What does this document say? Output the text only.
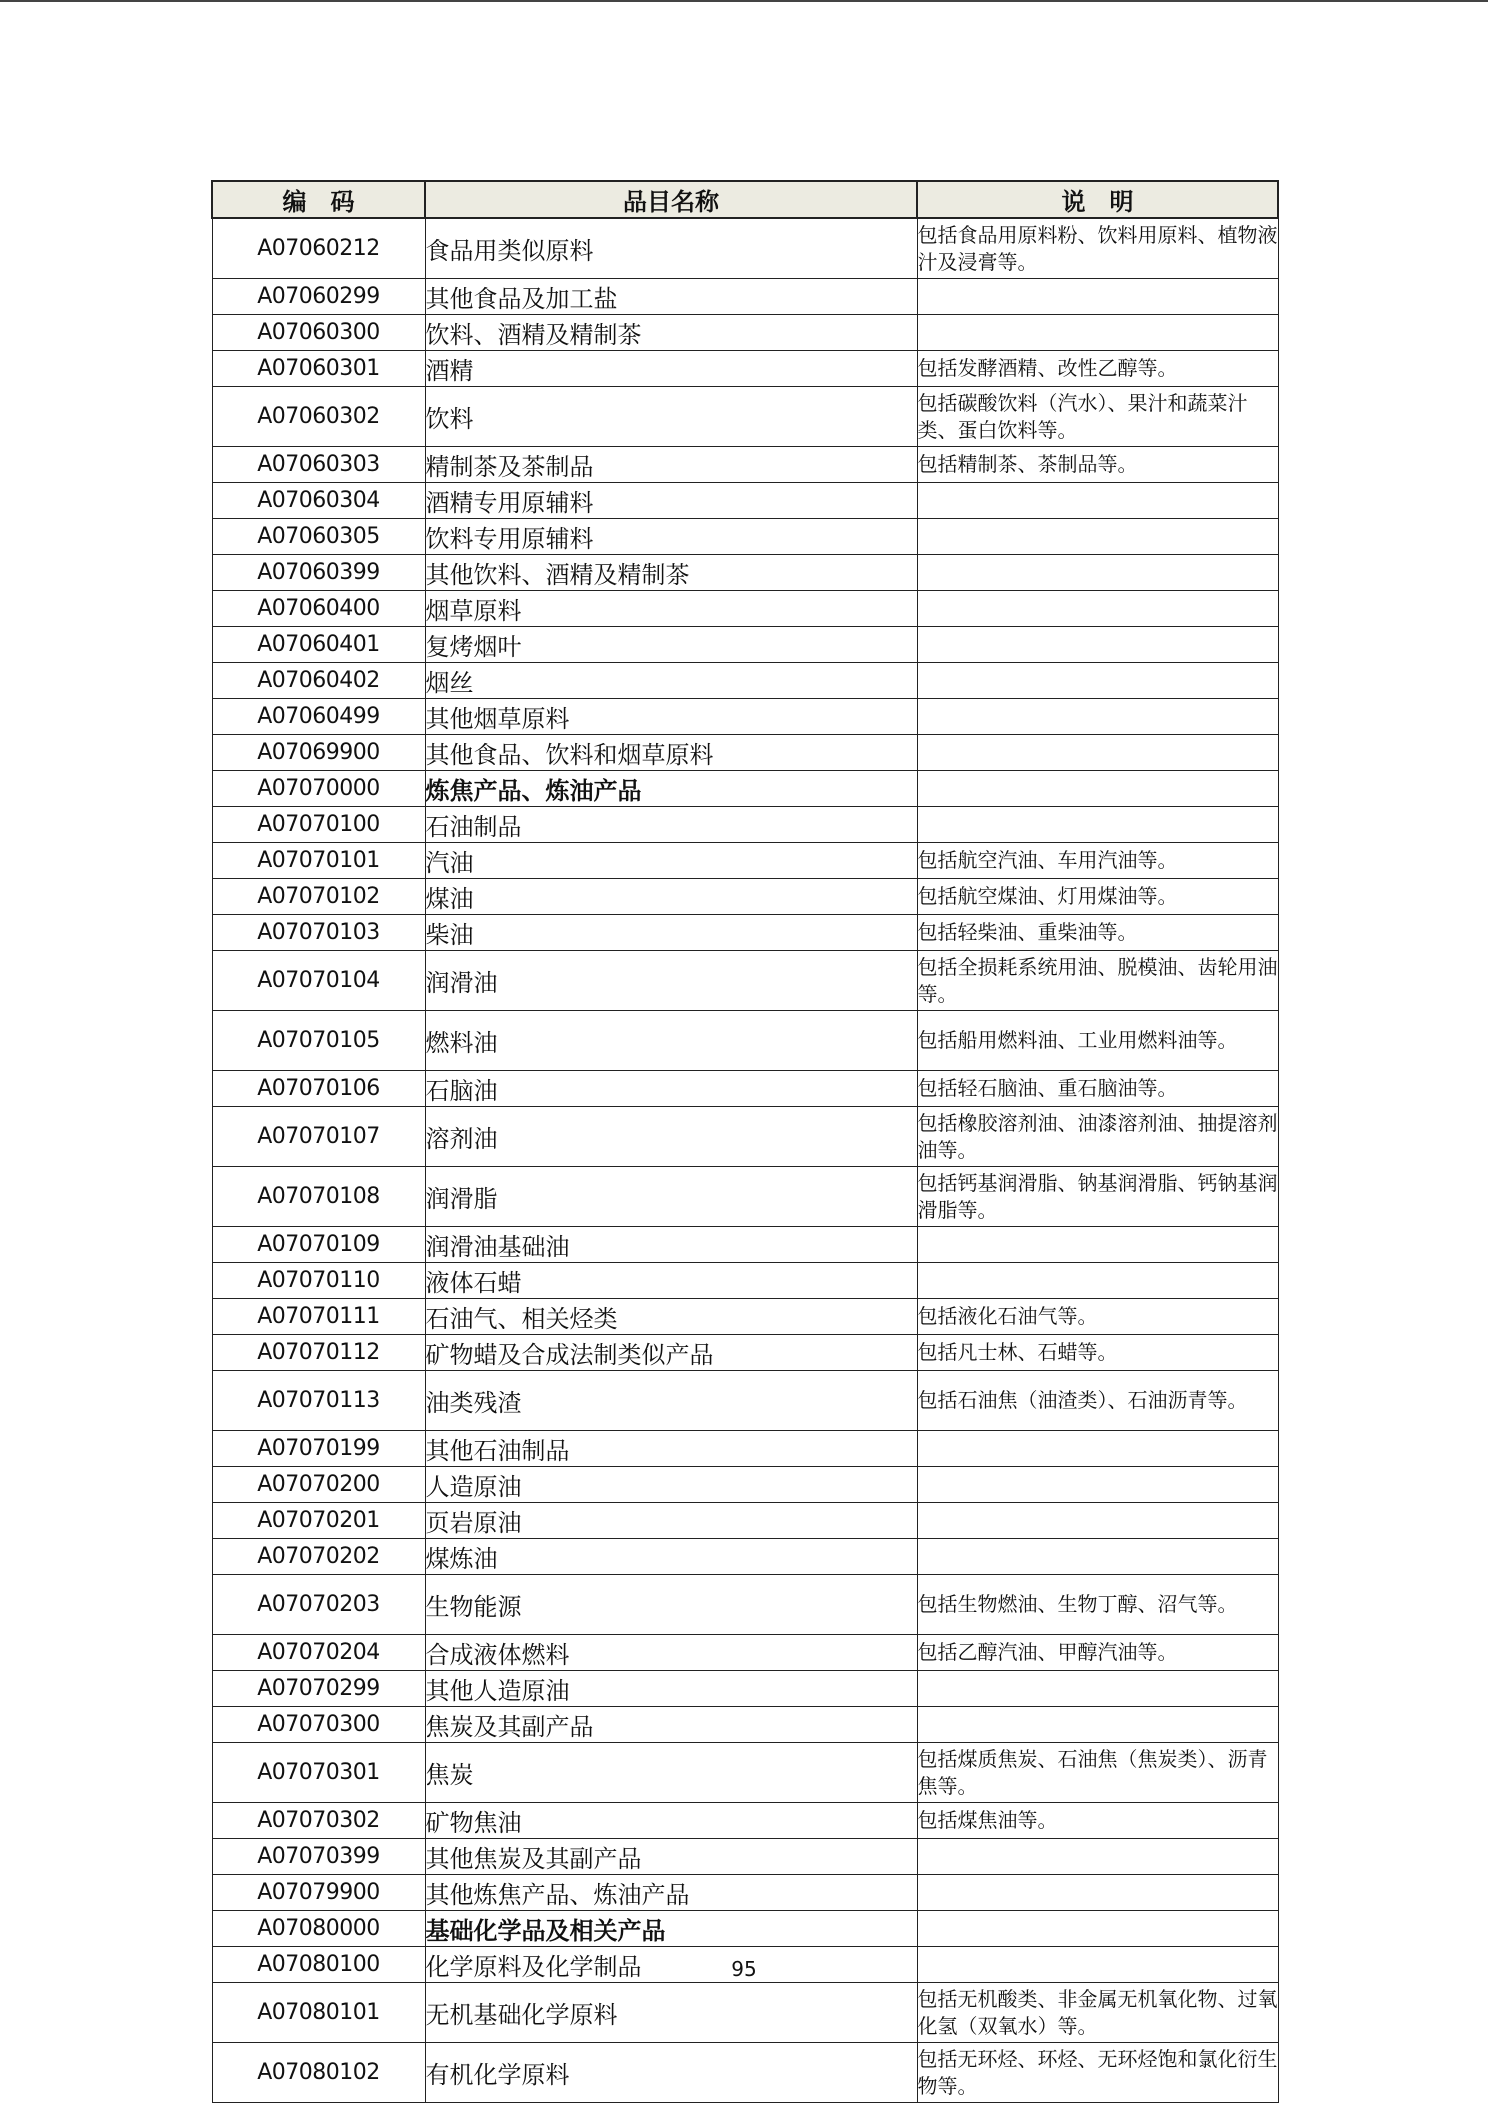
编　码	品目名称	说　明
A07060212	食品用类似原料	包括食品用原料粉、饮料用原料、植物液汁及浸膏等。
A07060299	其他食品及加工盐	
A07060300	饮料、酒精及精制茶	
A07060301	酒精	包括发酵酒精、改性乙醇等。
A07060302	饮料	包括碳酸饮料（汽水）、果汁和蔬菜汁类、蛋白饮料等。
A07060303	精制茶及茶制品	包括精制茶、茶制品等。
A07060304	酒精专用原辅料	
A07060305	饮料专用原辅料	
A07060399	其他饮料、酒精及精制茶	
A07060400	烟草原料	
A07060401	复烤烟叶	
A07060402	烟丝	
A07060499	其他烟草原料	
A07069900	其他食品、饮料和烟草原料	
A07070000	炼焦产品、炼油产品	
A07070100	石油制品	
A07070101	汽油	包括航空汽油、车用汽油等。
A07070102	煤油	包括航空煤油、灯用煤油等。
A07070103	柴油	包括轻柴油、重柴油等。
A07070104	润滑油	包括全损耗系统用油、脱模油、齿轮用油等。
A07070105	燃料油	包括船用燃料油、工业用燃料油等。
A07070106	石脑油	包括轻石脑油、重石脑油等。
A07070107	溶剂油	包括橡胶溶剂油、油漆溶剂油、抽提溶剂油等。
A07070108	润滑脂	包括钙基润滑脂、钠基润滑脂、钙钠基润滑脂等。
A07070109	润滑油基础油	
A07070110	液体石蜡	
A07070111	石油气、相关烃类	包括液化石油气等。
A07070112	矿物蜡及合成法制类似产品	包括凡士林、石蜡等。
A07070113	油类残渣	包括石油焦（油渣类）、石油沥青等。
A07070199	其他石油制品	
A07070200	人造原油	
A07070201	页岩原油	
A07070202	煤炼油	
A07070203	生物能源	包括生物燃油、生物丁醇、沼气等。
A07070204	合成液体燃料	包括乙醇汽油、甲醇汽油等。
A07070299	其他人造原油	
A07070300	焦炭及其副产品	
A07070301	焦炭	包括煤质焦炭、石油焦（焦炭类）、沥青焦等。
A07070302	矿物焦油	包括煤焦油等。
A07070399	其他焦炭及其副产品	
A07079900	其他炼焦产品、炼油产品	
A07080000	基础化学品及相关产品	
A07080100	化学原料及化学制品	
A07080101	无机基础化学原料	包括无机酸类、非金属无机氧化物、过氧化氢（双氧水）等。
A07080102	有机化学原料	包括无环烃、环烃、无环烃饱和氯化衍生物等。
95
